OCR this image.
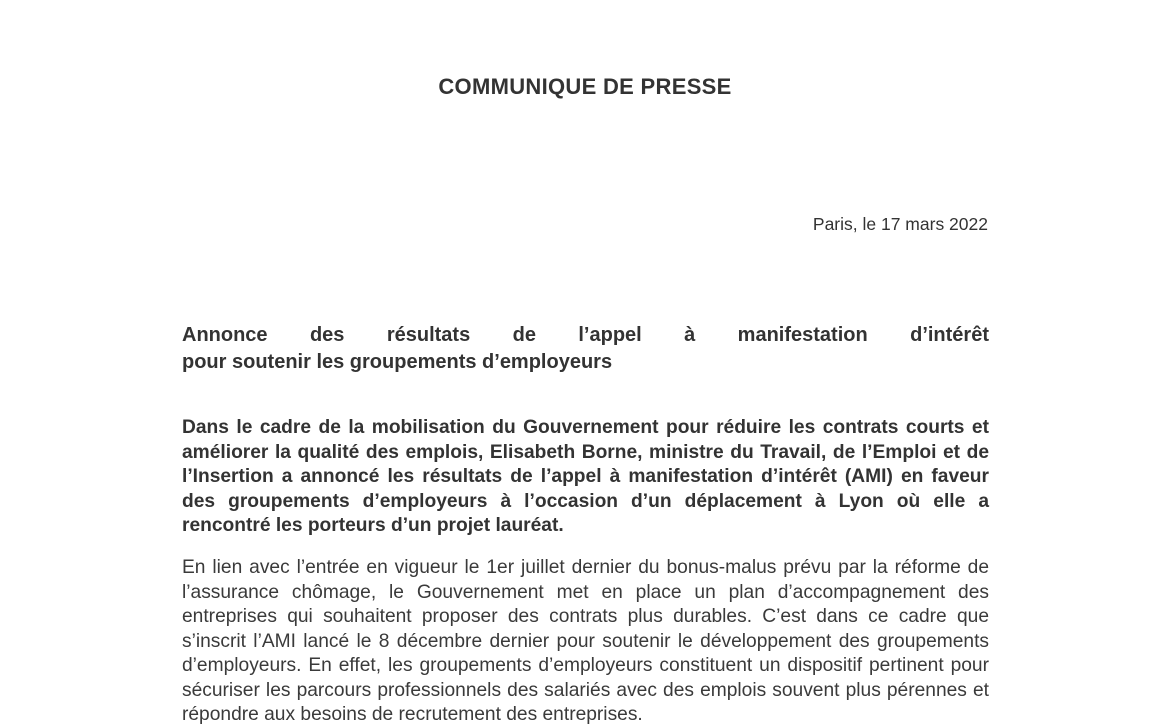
COMMUNIQUE DE PRESSE
Paris, le 17 mars 2022
Annonce des résultats de l’appel à manifestation d’intérêt
pour soutenir les groupements d’employeurs
Dans le cadre de la mobilisation du Gouvernement pour réduire les contrats courts et améliorer la qualité des emplois, Elisabeth Borne, ministre du Travail, de l’Emploi et de l’Insertion a annoncé les résultats de l’appel à manifestation d’intérêt (AMI) en faveur des groupements d’employeurs à l’occasion d’un déplacement à Lyon où elle a rencontré les porteurs d’un projet lauréat.
En lien avec l’entrée en vigueur le 1er juillet dernier du bonus-malus prévu par la réforme de l’assurance chômage, le Gouvernement met en place un plan d’accompagnement des entreprises qui souhaitent proposer des contrats plus durables. C’est dans ce cadre que s’inscrit l’AMI lancé le 8 décembre dernier pour soutenir le développement des groupements d’employeurs. En effet, les groupements d’employeurs constituent un dispositif pertinent pour sécuriser les parcours professionnels des salariés avec des emplois souvent plus pérennes et répondre aux besoins de recrutement des entreprises.
